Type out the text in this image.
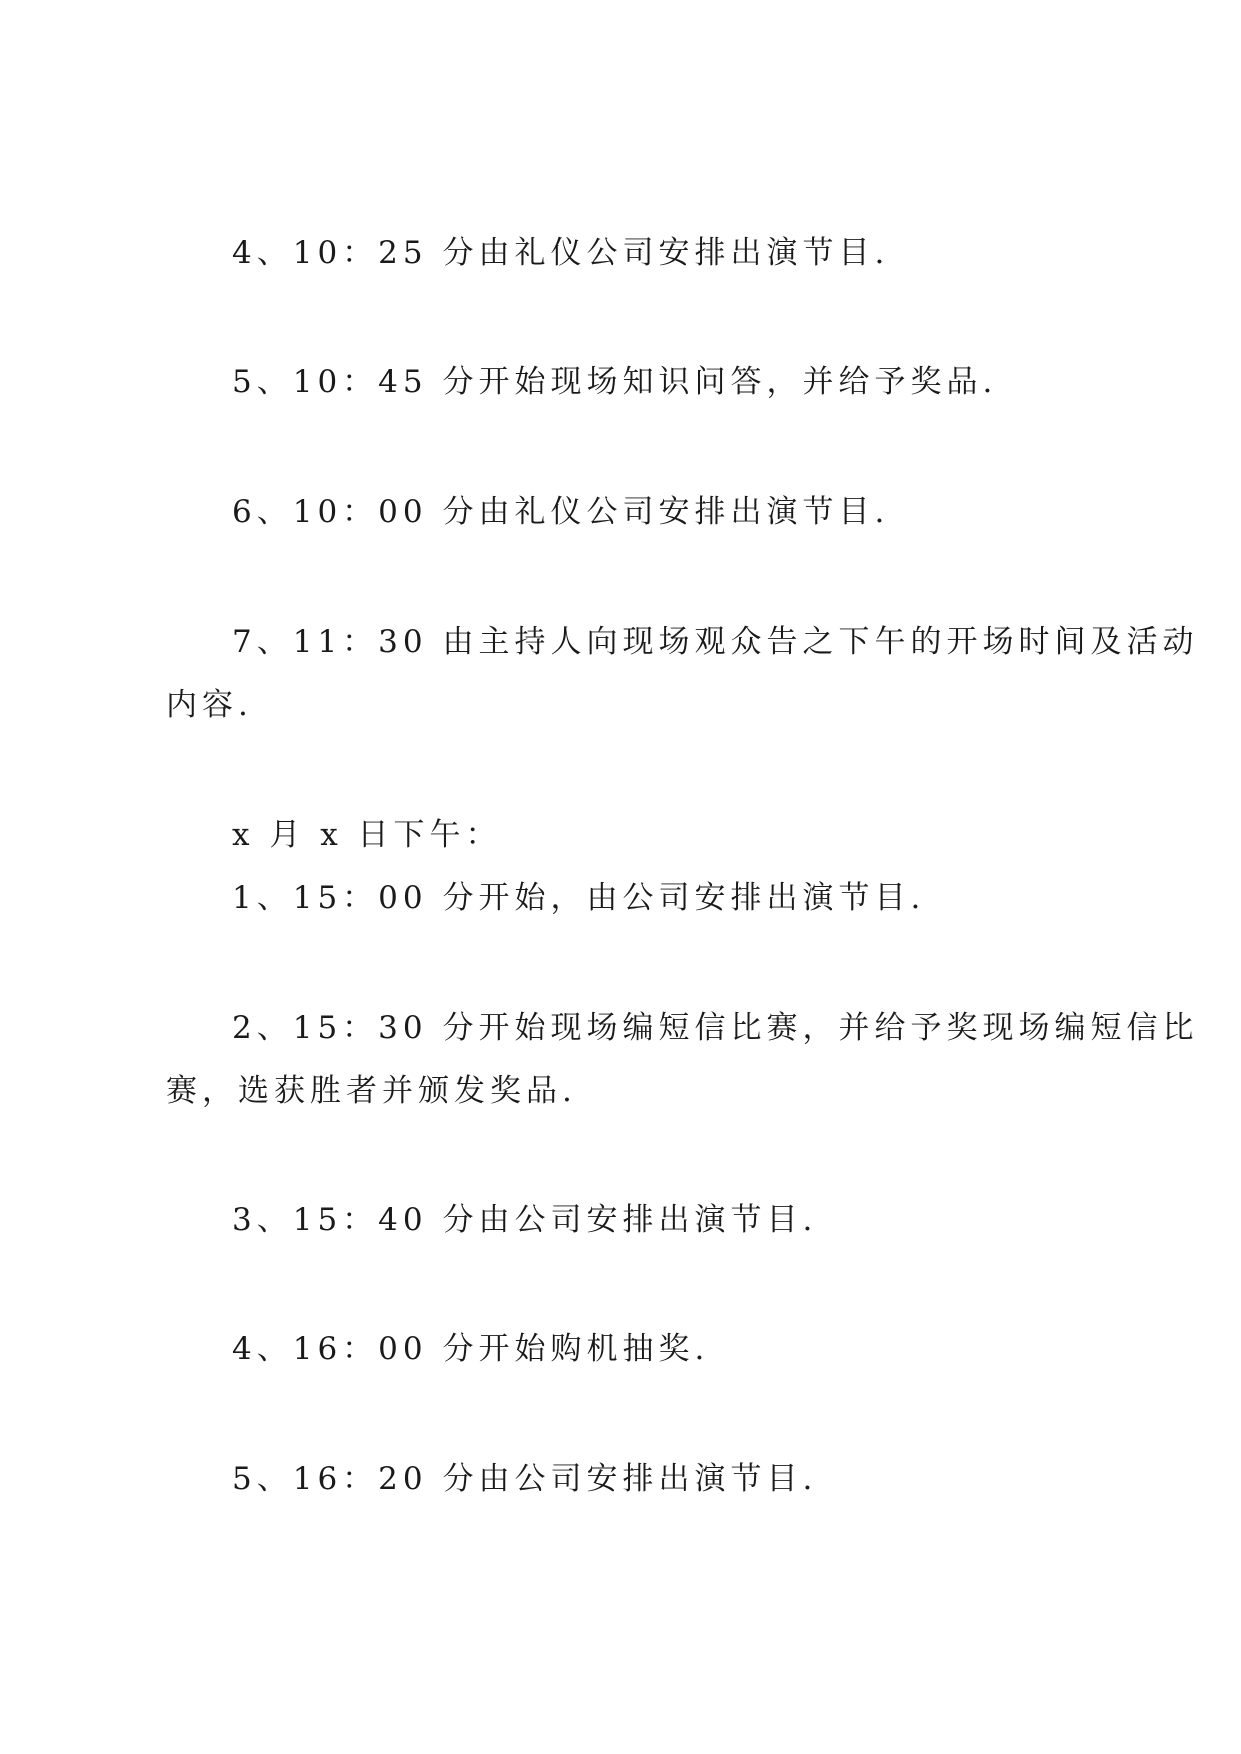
4、10：25 分由礼仪公司安排出演节目.
5、10：45 分开始现场知识问答，并给予奖品.
6、10：00 分由礼仪公司安排出演节目.
7、11：30 由主持人向现场观众告之下午的开场时间及活动
内容.
x 月 x 日下午：
1、15：00 分开始，由公司安排出演节目.
2、15：30 分开始现场编短信比赛，并给予奖现场编短信比
赛，选获胜者并颁发奖品.
3、15：40 分由公司安排出演节目.
4、16：00 分开始购机抽奖.
5、16：20 分由公司安排出演节目.
